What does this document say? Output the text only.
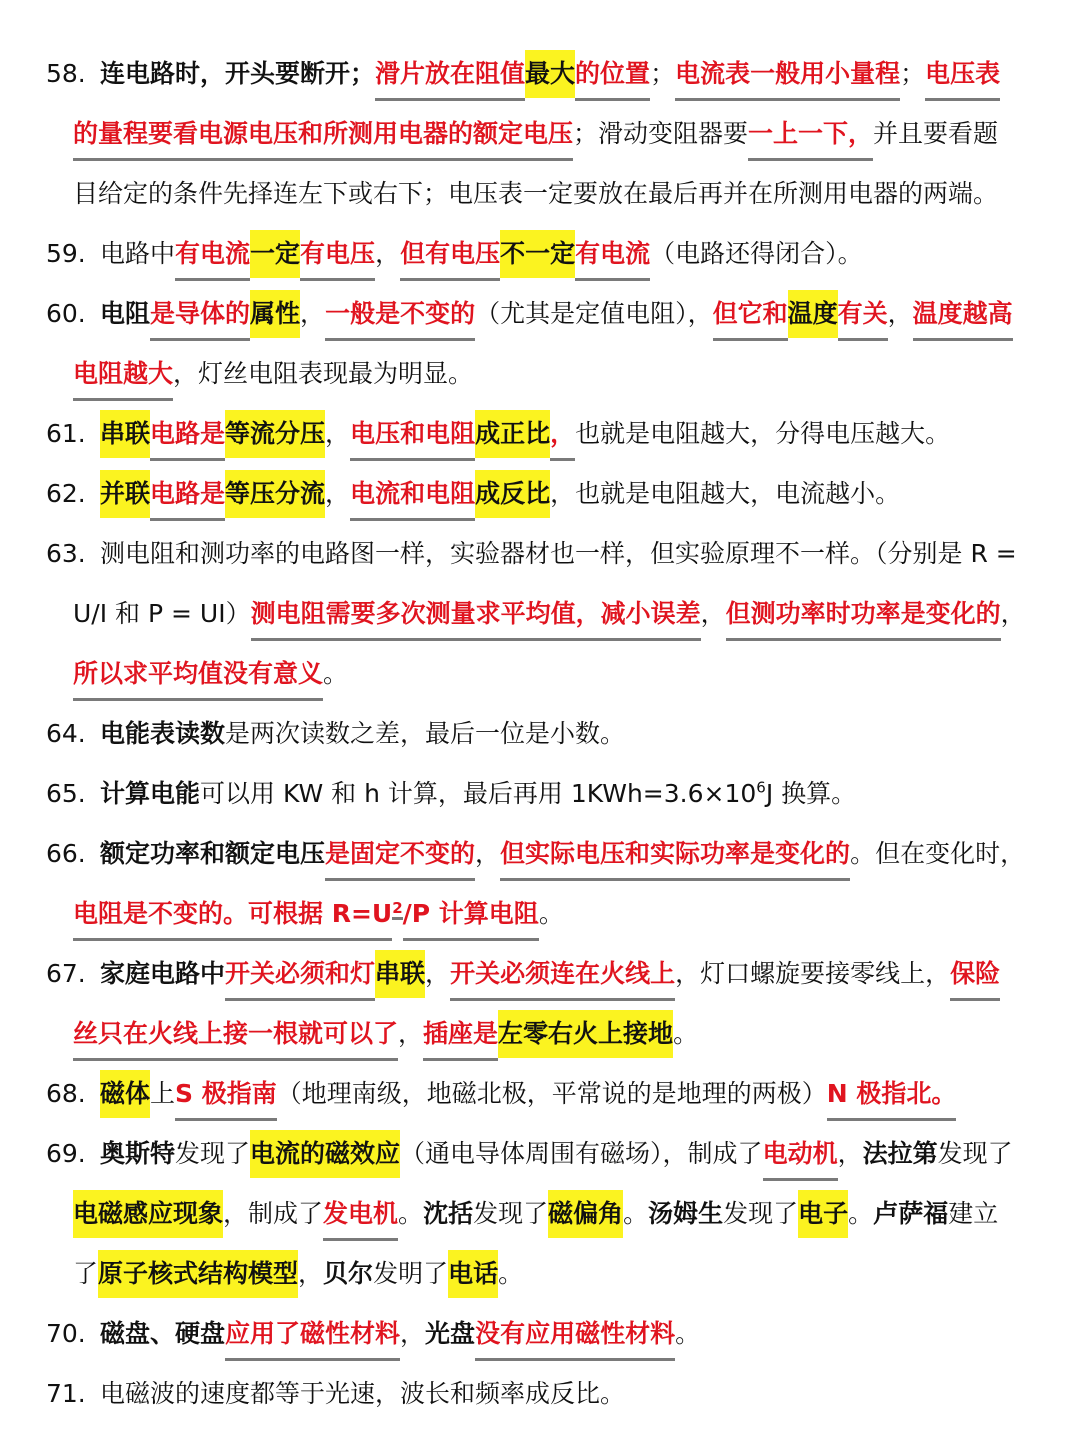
58. 连电路时，开头要断开；滑片放在阻值最大的位置；电流表一般用小量程；电压表
的量程要看电源电压和所测用电器的额定电压；滑动变阻器要一上一下，并且要看题
目给定的条件先择连左下或右下；电压表一定要放在最后再并在所测用电器的两端。
59. 电路中有电流一定有电压，但有电压不一定有电流（电路还得闭合）。
60. 电阻是导体的属性，一般是不变的（尤其是定值电阻），但它和温度有关，温度越高
电阻越大，灯丝电阻表现最为明显。
61. 串联电路是等流分压，电压和电阻成正比，也就是电阻越大，分得电压越大。
62. 并联电路是等压分流，电流和电阻成反比，也就是电阻越大，电流越小。
63. 测电阻和测功率的电路图一样，实验器材也一样，但实验原理不一样。（分别是 R =
U/I 和 P = UI）测电阻需要多次测量求平均值，减小误差，但测功率时功率是变化的，
所以求平均值没有意义。
64. 电能表读数是两次读数之差，最后一位是小数。
65. 计算电能可以用 KW 和 h 计算，最后再用 $1KWh=3.6\times 10^6J$ 换算。
66. 额定功率和额定电压是固定不变的，但实际电压和实际功率是变化的。但在变化时，
电阻是不变的。可根据 $R=U^2/P$ 计算电阻。
67. 家庭电路中开关必须和灯串联，开关必须连在火线上，灯口螺旋要接零线上，保险
丝只在火线上接一根就可以了，插座是左零右火上接地。
68. 磁体上S 极指南（地理南级，地磁北极，平常说的是地理的两极）N 极指北。
69. 奥斯特发现了电流的磁效应（通电导体周围有磁场），制成了电动机，法拉第发现了
电磁感应现象，制成了发电机。沈括发现了磁偏角。汤姆生发现了电子。卢萨福建立
了原子核式结构模型，贝尔发明了电话。
70. 磁盘、硬盘应用了磁性材料，光盘没有应用磁性材料。
71. 电磁波的速度都等于光速，波长和频率成反比。
